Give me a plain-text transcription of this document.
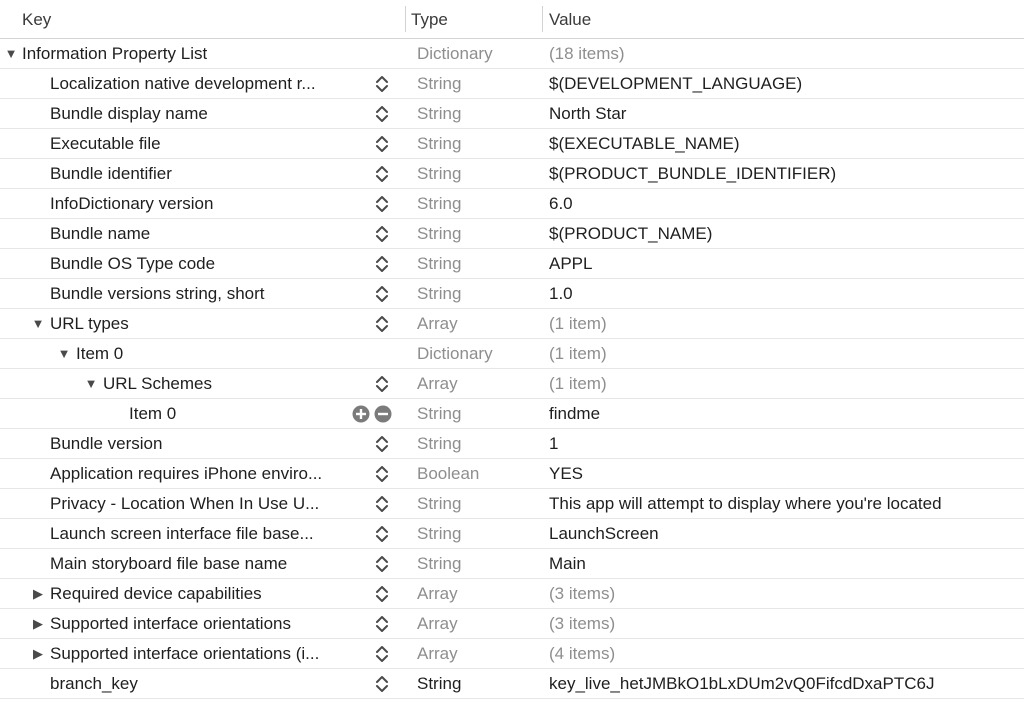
Key	Type	Value
▼ Information Property List	Dictionary	(18 items)
Localization native development r...	String	$(DEVELOPMENT_LANGUAGE)
Bundle display name	String	North Star
Executable file	String	$(EXECUTABLE_NAME)
Bundle identifier	String	$(PRODUCT_BUNDLE_IDENTIFIER)
InfoDictionary version	String	6.0
Bundle name	String	$(PRODUCT_NAME)
Bundle OS Type code	String	APPL
Bundle versions string, short	String	1.0
▼ URL types	Array	(1 item)
▼ Item 0	Dictionary	(1 item)
▼ URL Schemes	Array	(1 item)
Item 0	String	findme
Bundle version	String	1
Application requires iPhone enviro...	Boolean	YES
Privacy - Location When In Use U...	String	This app will attempt to display where you're located
Launch screen interface file base...	String	LaunchScreen
Main storyboard file base name	String	Main
▶ Required device capabilities	Array	(3 items)
▶ Supported interface orientations	Array	(3 items)
▶ Supported interface orientations (i...	Array	(4 items)
branch_key	String	key_live_hetJMBkO1bLxDUm2vQ0FifcdDxaPTC6J
